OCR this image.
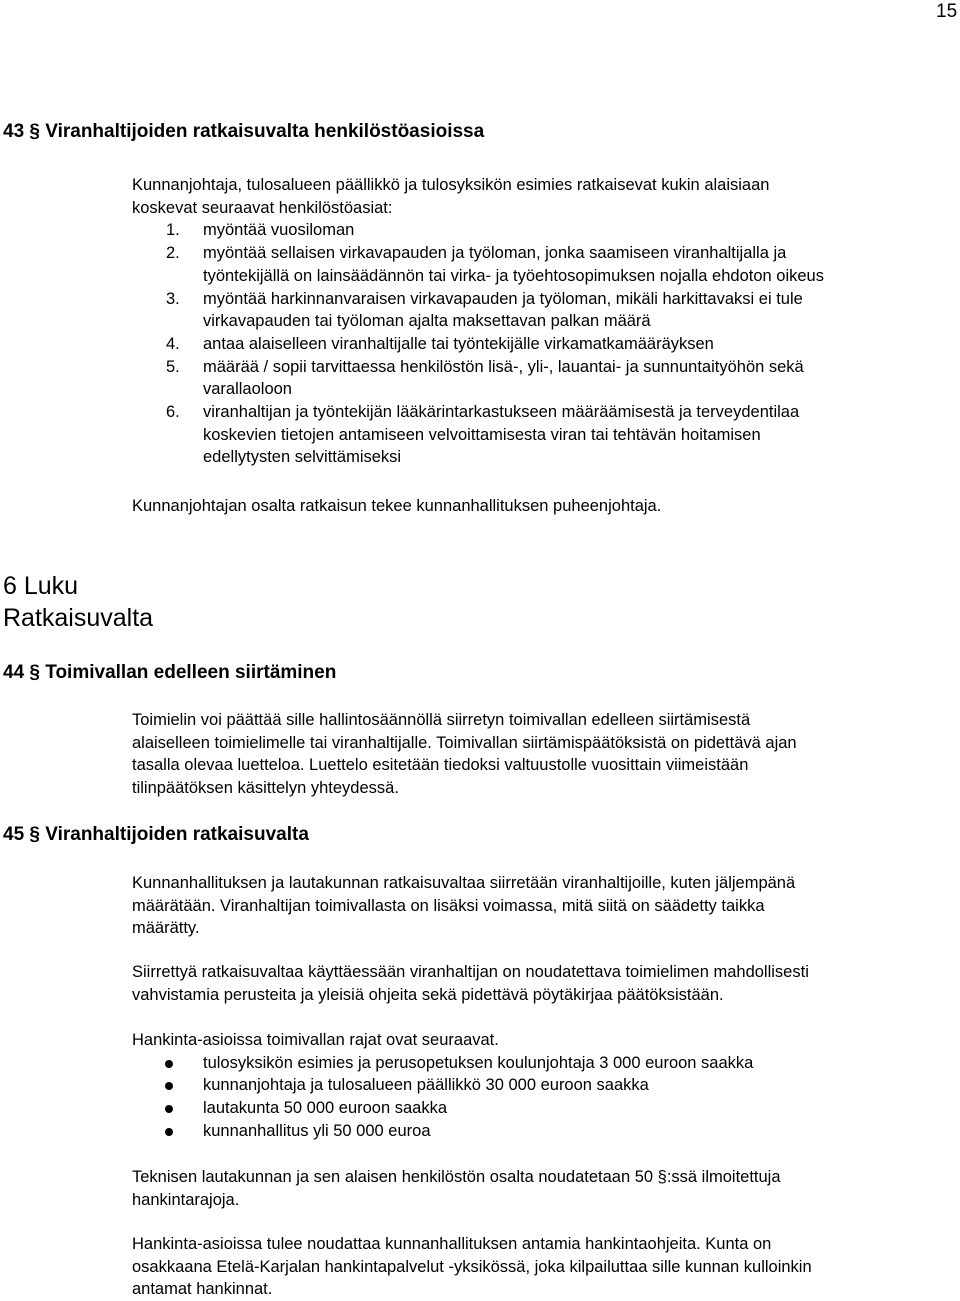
15
43 § Viranhaltijoiden ratkaisuvalta henkilöstöasioissa

Kunnanjohtaja, tulosalueen päällikkö ja tulosyksikön esimies ratkaisevat kukin alaisiaan
koskevat seuraavat henkilöstöasiat:

1. myöntää vuosiloman
2. myöntää sellaisen virkavapauden ja työloman, jonka saamiseen viranhaltijalla ja
työntekijällä on lainsäädännön tai virka- ja työehtosopimuksen nojalla ehdoton oikeus
3. myöntää harkinnanvaraisen virkavapauden ja työloman, mikäli harkittavaksi ei tule
virkavapauden tai työloman ajalta maksettavan palkan määrä
4. antaa alaiselleen viranhaltijalle tai työntekijälle virkamatkamääräyksen
5. määrää / sopii tarvittaessa henkilöstön lisä-, yli-, lauantai- ja sunnuntaityöhön sekä
varallaoloon
6. viranhaltijan ja työntekijän lääkärintarkastukseen määräämisestä ja terveydentilaa
koskevien tietojen antamiseen velvoittamisesta viran tai tehtävän hoitamisen
edellytysten selvittämiseksi
Kunnanjohtajan osalta ratkaisun tekee kunnanhallituksen puheenjohtaja.
6 Luku
Ratkaisuvalta
44 § Toimivallan edelleen siirtäminen

Toimielin voi päättää sille hallintosäännöllä siirretyn toimivallan edelleen siirtämisestä
alaiselleen toimielimelle tai viranhaltijalle. Toimivallan siirtämispäätöksistä on pidettävä ajan
tasalla olevaa luetteloa. Luettelo esitetään tiedoksi valtuustolle vuosittain viimeistään
tilinpäätöksen käsittelyn yhteydessä.

45 § Viranhaltijoiden ratkaisuvalta

Kunnanhallituksen ja lautakunnan ratkaisuvaltaa siirretään viranhaltijoille, kuten jäljempänä
määrätään. Viranhaltijan toimivallasta on lisäksi voimassa, mitä siitä on säädetty taikka
määrätty.

Siirrettyä ratkaisuvaltaa käyttäessään viranhaltijan on noudatettava toimielimen mahdollisesti
vahvistamia perusteita ja yleisiä ohjeita sekä pidettävä pöytäkirjaa päätöksistään.

Hankinta-asioissa toimivallan rajat ovat seuraavat.

tulosyksikön esimies ja perusopetuksen koulunjohtaja 3 000 euroon saakka
kunnanjohtaja ja tulosalueen päällikkö 30 000 euroon saakka
lautakunta 50 000 euroon saakka
kunnanhallitus yli 50 000 euroa

Teknisen lautakunnan ja sen alaisen henkilöstön osalta noudatetaan 50 §:ssä ilmoitettuja
hankintarajoja.

Hankinta-asioissa tulee noudattaa kunnanhallituksen antamia hankintaohjeita. Kunta on
osakkaana Etelä-Karjalan hankintapalvelut -yksikössä, joka kilpailuttaa sille kunnan kulloinkin
antamat hankinnat.
